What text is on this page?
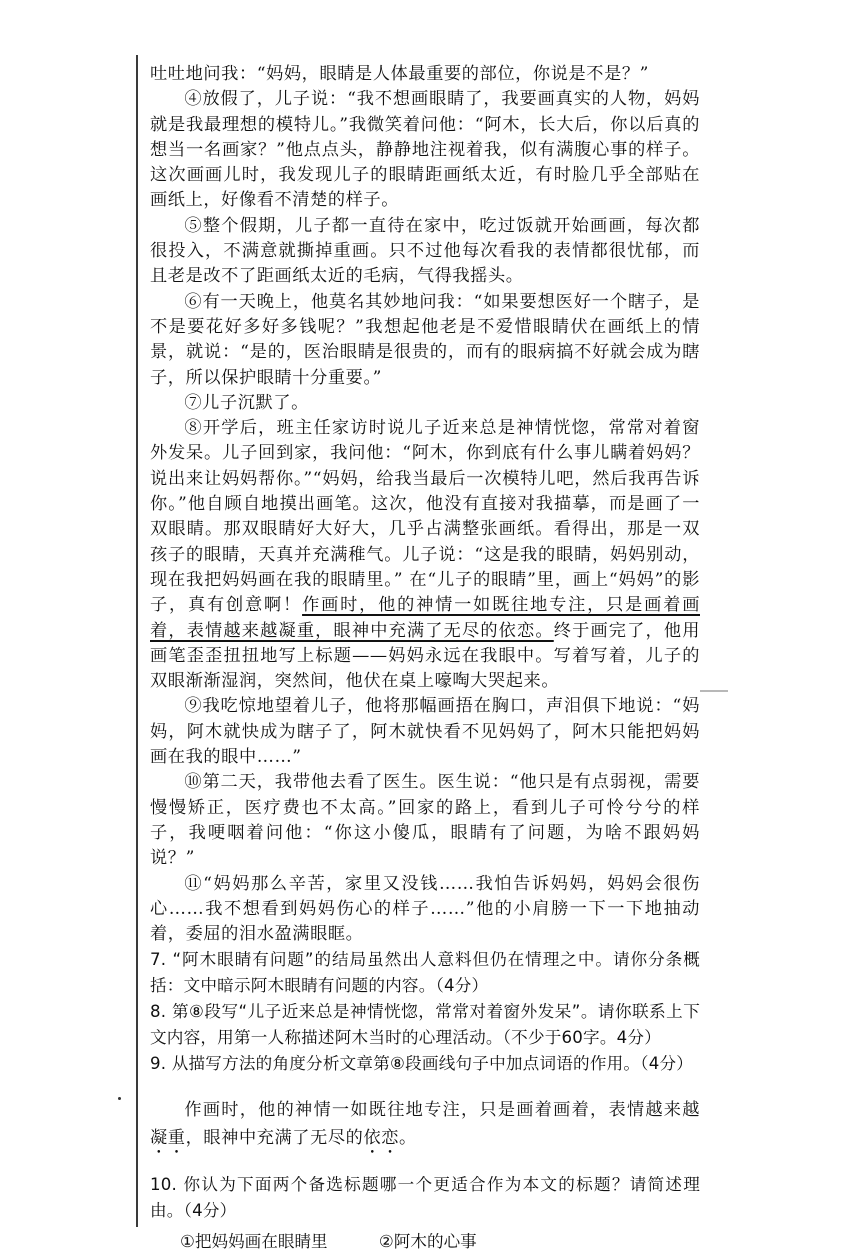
吐吐地问我：“妈妈，眼睛是人体最重要的部位，你说是不是？”

④放假了，儿子说：“我不想画眼睛了，我要画真实的人物，妈妈就是我最理想的模特儿。”我微笑着问他：“阿木，长大后，你以后真的想当一名画家？”他点点头，静静地注视着我，似有满腹心事的样子。这次画画儿时，我发现儿子的眼睛距画纸太近，有时脸几乎全部贴在画纸上，好像看不清楚的样子。

⑤整个假期，儿子都一直待在家中，吃过饭就开始画画，每次都很投入，不满意就撕掉重画。只不过他每次看我的表情都很忧郁，而且老是改不了距画纸太近的毛病，气得我摇头。

⑥有一天晚上，他莫名其妙地问我：“如果要想医好一个瞎子，是不是要花好多好多钱呢？”我想起他老是不爱惜眼睛伏在画纸上的情景，就说：“是的，医治眼睛是很贵的，而有的眼病搞不好就会成为瞎子，所以保护眼睛十分重要。”

⑦儿子沉默了。

⑧开学后，班主任家访时说儿子近来总是神情恍惚，常常对着窗外发呆。儿子回到家，我问他：“阿木，你到底有什么事儿瞒着妈妈？说出来让妈妈帮你。”“妈妈，给我当最后一次模特儿吧，然后我再告诉你。”他自顾自地摸出画笔。这次，他没有直接对我描摹，而是画了一双眼睛。那双眼睛好大好大，几乎占满整张画纸。看得出，那是一双孩子的眼睛，天真并充满稚气。儿子说：“这是我的眼睛，妈妈别动，现在我把妈妈画在我的眼睛里。” 在“儿子的眼睛”里，画上“妈妈”的影子，真有创意啊！作画时，他的神情一如既往地专注，只是画着画着，表情越来越凝重，眼神中充满了无尽的依恋。终于画完了，他用画笔歪歪扭扭地写上标题——妈妈永远在我眼中。写着写着，儿子的双眼渐渐湿润，突然间，他伏在桌上嚎啕大哭起来。

⑨我吃惊地望着儿子，他将那幅画捂在胸口，声泪俱下地说：“妈妈，阿木就快成为瞎子了，阿木就快看不见妈妈了，阿木只能把妈妈画在我的眼中……”

⑩第二天，我带他去看了医生。医生说：“他只是有点弱视，需要慢慢矫正，医疗费也不太高。”回家的路上，看到儿子可怜兮兮的样子，我哽咽着问他：“你这小傻瓜，眼睛有了问题，为啥不跟妈妈说？”

⑪“妈妈那么辛苦，家里又没钱……我怕告诉妈妈，妈妈会很伤心……我不想看到妈妈伤心的样子……”他的小肩膀一下一下地抽动着，委屈的泪水盈满眼眶。

7. “阿木眼睛有问题”的结局虽然出人意料但仍在情理之中。请你分条概括：文中暗示阿木眼睛有问题的内容。（4分）

8. 第⑧段写“儿子近来总是神情恍惚，常常对着窗外发呆”。请你联系上下文内容，用第一人称描述阿木当时的心理活动。（不少于60字。4分）

9. 从描写方法的角度分析文章第⑧段画线句子中加点词语的作用。（4分）

作画时，他的神情一如既往地专注，只是画着画着，表情越来越凝重，眼神中充满了无尽的依恋。

10. 你认为下面两个备选标题哪一个更适合作为本文的标题？请简述理由。（4分）

①把妈妈画在眼睛里	②阿木的心事
